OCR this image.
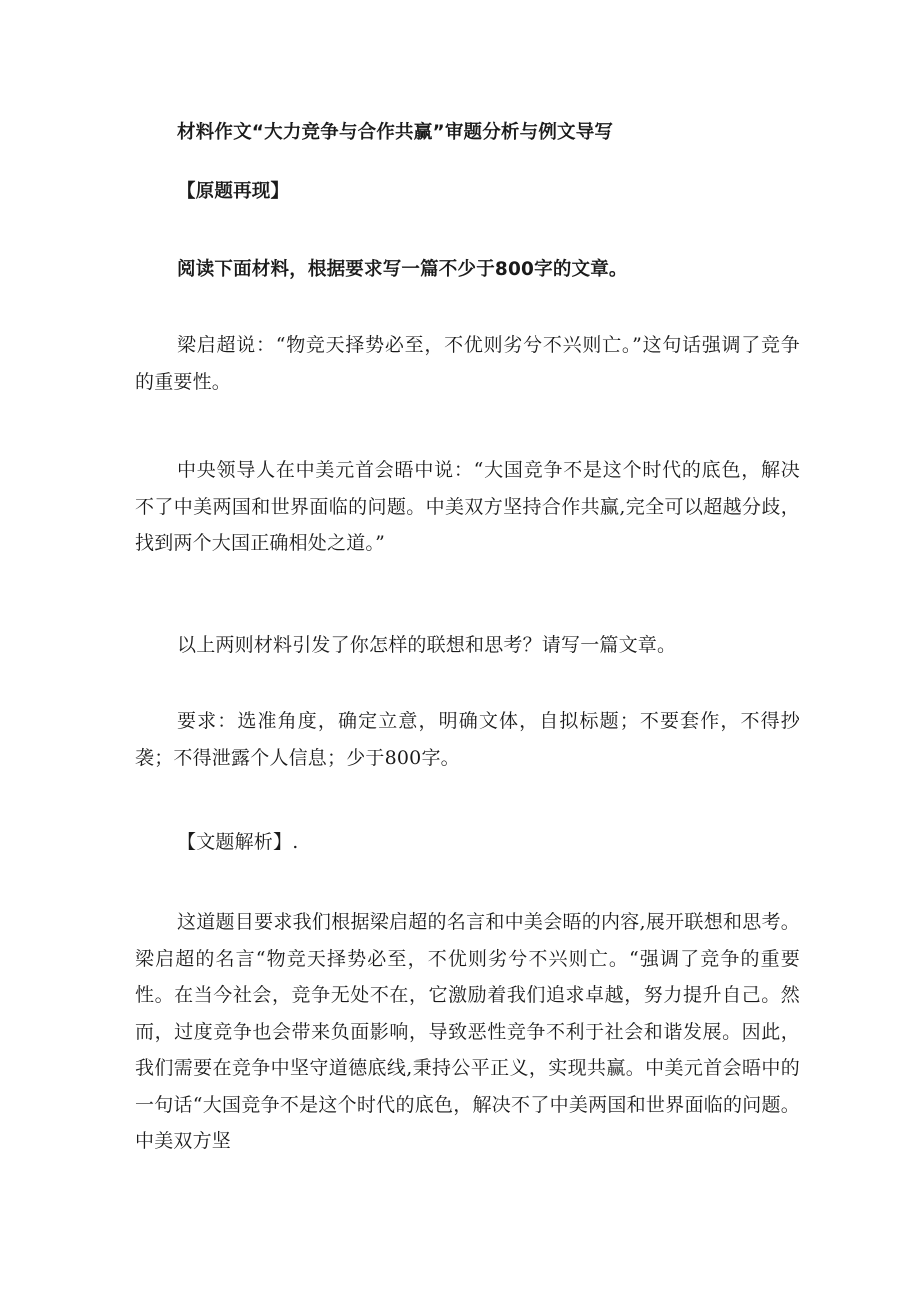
材料作文“大力竞争与合作共赢”审题分析与例文导写
【原题再现】
阅读下面材料，根据要求写一篇不少于800字的文章。
梁启超说：“物竞天择势必至，不优则劣兮不兴则亡。”这句话强调了竞争的重要性。
中央领导人在中美元首会晤中说：“大国竞争不是这个时代的底色，解决不了中美两国和世界面临的问题。中美双方坚持合作共赢,完全可以超越分歧，找到两个大国正确相处之道。”
以上两则材料引发了你怎样的联想和思考？请写一篇文章。
要求：选准角度，确定立意，明确文体，自拟标题；不要套作，不得抄袭；不得泄露个人信息；少于800字。
【文题解析】.
这道题目要求我们根据梁启超的名言和中美会晤的内容,展开联想和思考。梁启超的名言“物竞天择势必至，不优则劣兮不兴则亡。“强调了竞争的重要性。在当今社会，竞争无处不在，它激励着我们追求卓越，努力提升自己。然而，过度竞争也会带来负面影响，导致恶性竞争不利于社会和谐发展。因此，我们需要在竞争中坚守道德底线,秉持公平正义，实现共赢。中美元首会晤中的一句话“大国竞争不是这个时代的底色，解决不了中美两国和世界面临的问题。中美双方坚
